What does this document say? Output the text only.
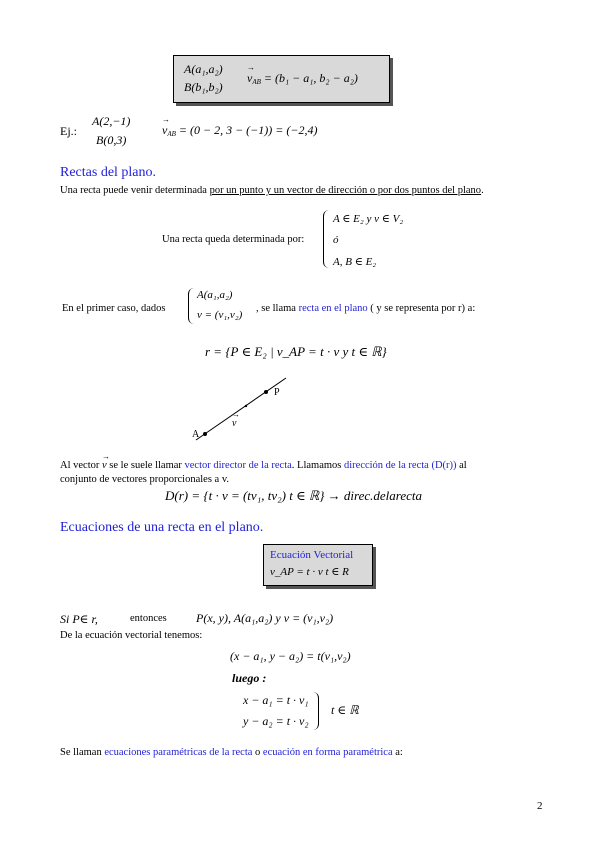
A(a₁,a₂)
B(b₁,b₂)
→ $v_{AB} = (b_1 - a_1$, b₂ − a₂)
Ej.:
A(2,−1)
B(0,3)
→ $v_{AB} = (0 - 2$, 3 − (−1)) = (−2,4)
Rectas del plano.
Una recta puede venir determinada por un punto y un vector de dirección o por dos puntos del plano.
Una recta queda determinada por:
A ∈ E₂ y v ∈ V₂
ó
A, B ∈ E₂
En el primer caso, dados
A(a₁,a₂)
v = (v₁,v₂)
, se llama recta en el plano ( y se representa por r) a:
r = {P ∈ E₂ | v_AP = t · v y t ∈ ℝ}
A
P
→ v
Al vector → v se le suele llamar vector director de la recta. Llamamos dirección de la recta (D(r)) al
conjunto de vectores proporcionales a v.
D(r) = {t · v = (tv₁, tv₂) t ∈ ℝ} → direc.delarecta
Ecuaciones de una recta en el plano.
Ecuación Vectorial
v_AP = t · v t ∈ R
Si P∈ r,	entonces P(x, y), A(a₁,a₂) y v = (v₁,v₂)
De la ecuación vectorial tenemos:
(x − a₁, y − a₂) = t(v₁,v₂)
luego :
x − a₁ = t · v₁
y − a₂ = t · v₂
t ∈ ℝ
Se llaman ecuaciones paramétricas de la recta o ecuación en forma paramétrica a:
2
